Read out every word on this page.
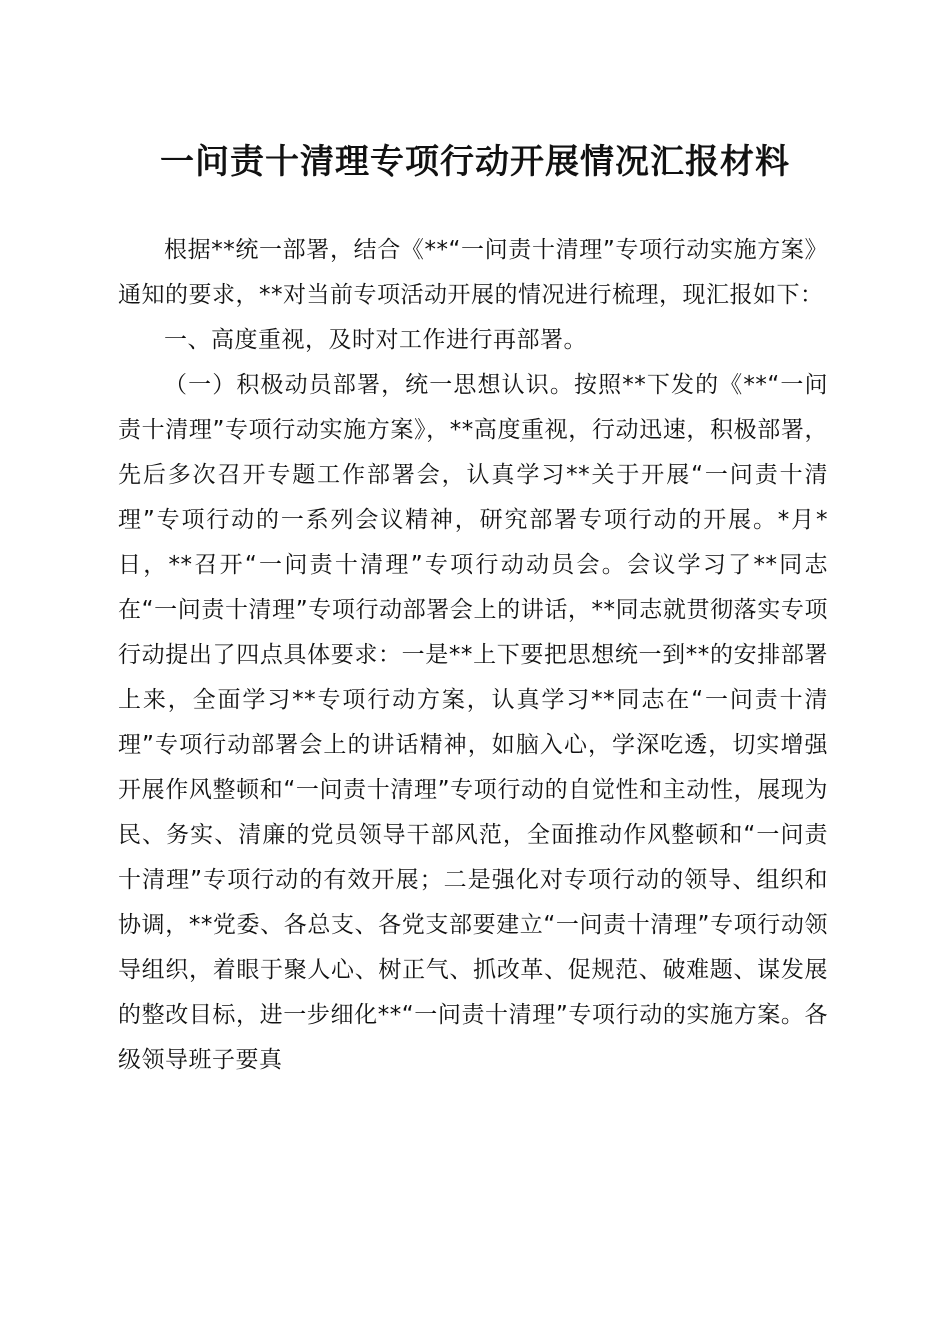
一问责十清理专项行动开展情况汇报材料

根据**统一部署，结合《**“一问责十清理”专项行动实施方案》通知的要求，**对当前专项活动开展的情况进行梳理，现汇报如下：

一、高度重视，及时对工作进行再部署。

（一）积极动员部署，统一思想认识。按照**下发的《**“一问责十清理”专项行动实施方案》，**高度重视，行动迅速，积极部署，先后多次召开专题工作部署会，认真学习**关于开展“一问责十清理”专项行动的一系列会议精神，研究部署专项行动的开展。*月*日，**召开“一问责十清理”专项行动动员会。会议学习了**同志在“一问责十清理”专项行动部署会上的讲话，**同志就贯彻落实专项行动提出了四点具体要求：一是**上下要把思想统一到**的安排部署上来，全面学习**专项行动方案，认真学习**同志在“一问责十清理”专项行动部署会上的讲话精神，如脑入心，学深吃透，切实增强开展作风整顿和“一问责十清理”专项行动的自觉性和主动性，展现为民、务实、清廉的党员领导干部风范，全面推动作风整顿和“一问责十清理”专项行动的有效开展；二是强化对专项行动的领导、组织和协调，**党委、各总支、各党支部要建立“一问责十清理”专项行动领导组织，着眼于聚人心、树正气、抓改革、促规范、破难题、谋发展的整改目标，进一步细化**“一问责十清理”专项行动的实施方案。各级领导班子要真
